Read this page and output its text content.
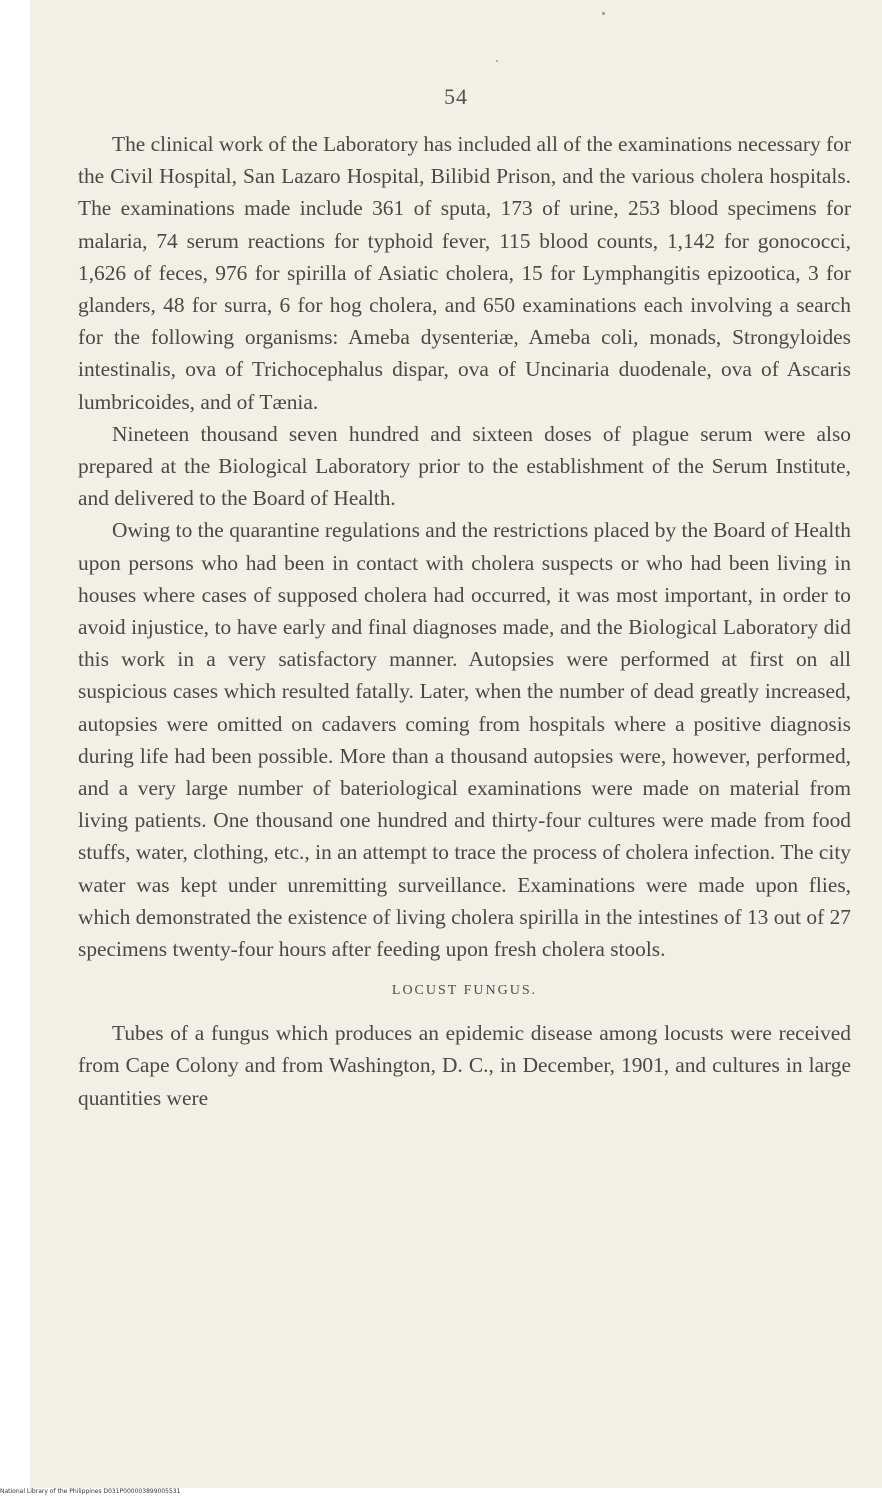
54

The clinical work of the Laboratory has included all of the examinations necessary for the Civil Hospital, San Lazaro Hospital, Bilibid Prison, and the various cholera hospitals. The examinations made include 361 of sputa, 173 of urine, 253 blood specimens for malaria, 74 serum reactions for typhoid fever, 115 blood counts, 1,142 for gonococci, 1,626 of feces, 976 for spirilla of Asiatic cholera, 15 for Lymphangitis epizootica, 3 for glanders, 48 for surra, 6 for hog cholera, and 650 examinations each involving a search for the following organisms: Ameba dysenteriæ, Ameba coli, monads, Strongyloides intestinalis, ova of Trichocephalus dispar, ova of Uncinaria duodenale, ova of Ascaris lumbricoides, and of Tænia.

Nineteen thousand seven hundred and sixteen doses of plague serum were also prepared at the Biological Laboratory prior to the establishment of the Serum Institute, and delivered to the Board of Health.

Owing to the quarantine regulations and the restrictions placed by the Board of Health upon persons who had been in contact with cholera suspects or who had been living in houses where cases of supposed cholera had occurred, it was most important, in order to avoid injustice, to have early and final diagnoses made, and the Biological Laboratory did this work in a very satisfactory manner. Autopsies were performed at first on all suspicious cases which resulted fatally. Later, when the number of dead greatly increased, autopsies were omitted on cadavers coming from hospitals where a positive diagnosis during life had been possible. More than a thousand autopsies were, however, performed, and a very large number of bateriological examinations were made on material from living patients. One thousand one hundred and thirty-four cultures were made from food stuffs, water, clothing, etc., in an attempt to trace the process of cholera infection. The city water was kept under unremitting surveillance. Examinations were made upon flies, which demonstrated the existence of living cholera spirilla in the intestines of 13 out of 27 specimens twenty-four hours after feeding upon fresh cholera stools.

LOCUST FUNGUS.

Tubes of a fungus which produces an epidemic disease among locusts were received from Cape Colony and from Washington, D. C., in December, 1901, and cultures in large quantities were

National Library of the Philippines D031P000003899005531
